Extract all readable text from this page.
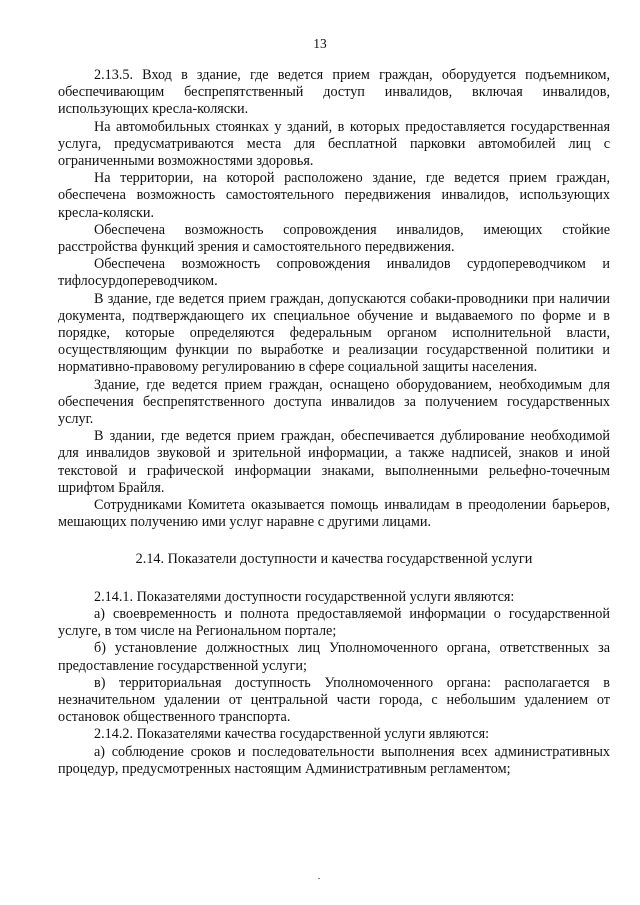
13

2.13.5. Вход в здание, где ведется прием граждан, оборудуется подъемником, обеспечивающим беспрепятственный доступ инвалидов, включая инвалидов, использующих кресла-коляски.

На автомобильных стоянках у зданий, в которых предоставляется государственная услуга, предусматриваются места для бесплатной парковки автомобилей лиц с ограниченными возможностями здоровья.

На территории, на которой расположено здание, где ведется прием граждан, обеспечена возможность самостоятельного передвижения инвалидов, использующих кресла-коляски.

Обеспечена возможность сопровождения инвалидов, имеющих стойкие расстройства функций зрения и самостоятельного передвижения.

Обеспечена возможность сопровождения инвалидов сурдопереводчиком и тифлосурдопереводчиком.

В здание, где ведется прием граждан, допускаются собаки-проводники при наличии документа, подтверждающего их специальное обучение и выдаваемого по форме и в порядке, которые определяются федеральным органом исполнительной власти, осуществляющим функции по выработке и реализации государственной политики и нормативно-правовому регулированию в сфере социальной защиты населения.

Здание, где ведется прием граждан, оснащено оборудованием, необходимым для обеспечения беспрепятственного доступа инвалидов за получением государственных услуг.

В здании, где ведется прием граждан, обеспечивается дублирование необходимой для инвалидов звуковой и зрительной информации, а также надписей, знаков и иной текстовой и графической информации знаками, выполненными рельефно-точечным шрифтом Брайля.

Сотрудниками Комитета оказывается помощь инвалидам в преодолении барьеров, мешающих получению ими услуг наравне с другими лицами.

2.14. Показатели доступности и качества государственной услуги

2.14.1. Показателями доступности государственной услуги являются:

а) своевременность и полнота предоставляемой информации о государственной услуге, в том числе на Региональном портале;

б) установление должностных лиц Уполномоченного органа, ответственных за предоставление государственной услуги;

в) территориальная доступность Уполномоченного органа: располагается в незначительном удалении от центральной части города, с небольшим удалением от остановок общественного транспорта.

2.14.2. Показателями качества государственной услуги являются:

а) соблюдение сроков и последовательности выполнения всех административных процедур, предусмотренных настоящим Административным регламентом;
